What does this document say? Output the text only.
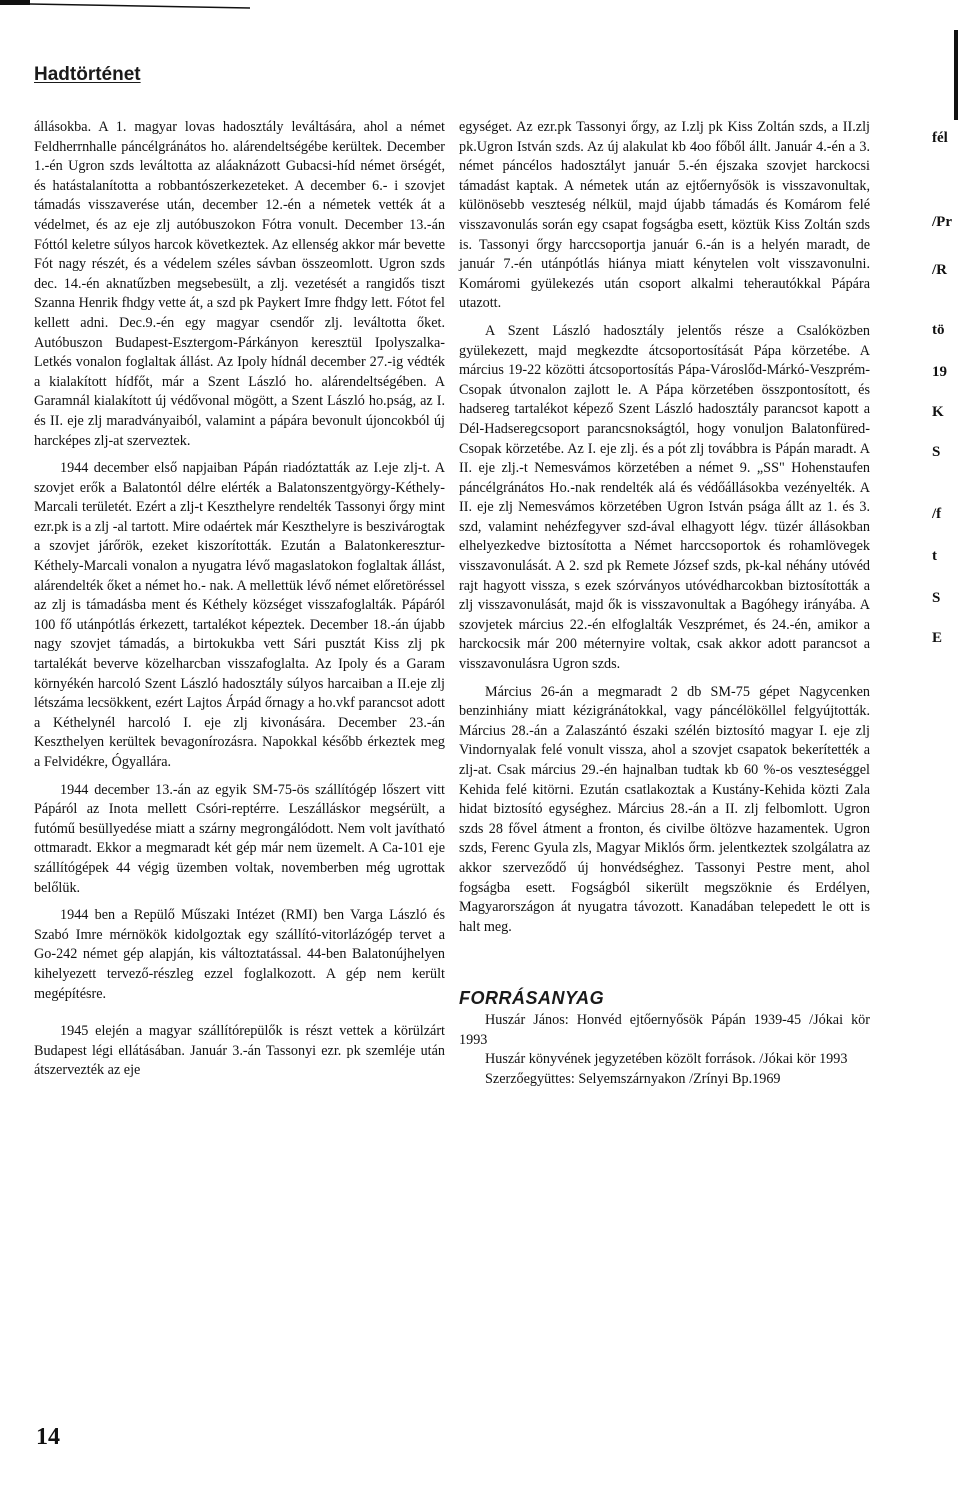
Hadtörténet

állásokba. A 1. magyar lovas hadosztály leváltására, ahol a német Feldherrnhalle páncélgránátos ho. alárendeltségébe kerültek. December 1.-én Ugron szds leváltotta az aláaknázott Gubacsi-híd német örségét, és hatástalanította a robbantószerkezeteket. A december 6.- i szovjet támadás visszaverése után, december 12.-én a németek vették át a védelmet, és az eje zlj autóbuszokon Fótra vonult. December 13.-án Fóttól keletre súlyos harcok következtek. Az ellenség akkor már bevette Fót nagy részét, és a védelem széles sávban összeomlott. Ugron szds dec. 14.-én aknatűzben megsebesült, a zlj. vezetését a rangidős tiszt Szanna Henrik fhdgy vette át, a szd pk Paykert Imre fhdgy lett. Fótot fel kellett adni. Dec.9.-én egy magyar csendőr zlj. leváltotta őket. Autóbuszon Budapest-Esztergom-Párkányon keresztül Ipolyszalka-Letkés vonalon foglaltak állást. Az Ipoly hídnál december 27.-ig védték a kialakított hídfőt, már a Szent László ho. alárendeltségében. A Garamnál kialakított új védővonal mögött, a Szent László ho.pság, az I. és II. eje zlj maradványaiból, valamint a pápára bevonult újoncokból új harcképes zlj-at szerveztek.

1944 december első napjaiban Pápán riadóztatták az I.eje zlj-t. A szovjet erők a Balatontól délre elérték a Balatonszentgyörgy-Kéthely-Marcali területét. Ezért a zlj-t Keszthelyre rendelték Tassonyi őrgy mint ezr.pk is a zlj -al tartott. Mire odaértek már Keszthelyre is beszivárogtak a szovjet járőrök, ezeket kiszorították. Ezután a Balatonkeresztur-Kéthely-Marcali vonalon a nyugatra lévő magaslatokon foglaltak állást, alárendelték őket a német ho.- nak. A mellettük lévő német előretöréssel az zlj is támadásba ment és Kéthely községet visszafoglalták. Pápáról 100 fő utánpótlás érkezett, tartalékot képeztek. December 18.-án újabb nagy szovjet támadás, a birtokukba vett Sári pusztát Kiss zlj pk tartalékát beverve közelharcban visszafoglalta. Az Ipoly és a Garam környékén harcoló Szent László hadosztály súlyos harcaiban a II.eje zlj létszáma lecsökkent, ezért Lajtos Árpád őrnagy a ho.vkf parancsot adott a Kéthelynél harcoló I. eje zlj kivonására. December 23.-án Keszthelyen kerültek bevagonírozásra. Napokkal később érkeztek meg a Felvidékre, Ógyallára.

1944 december 13.-án az egyik SM-75-ös szállítógép lőszert vitt Pápáról az Inota mellett Csóri-reptérre. Leszálláskor megsérült, a futómű besüllyedése miatt a szárny megrongálódott. Nem volt javítható ottmaradt. Ekkor a megmaradt két gép már nem üzemelt. A Ca-101 eje szállítógépek 44 végig üzemben voltak, novemberben még ugrottak belőlük.

1944 ben a Repülő Műszaki Intézet (RMI) ben Varga László és Szabó Imre mérnökök kidolgoztak egy szállító-vitorlázógép tervet a Go-242 német gép alapján, kis változtatással. 44-ben Balatonújhelyen kihelyezett tervező-részleg ezzel foglalkozott. A gép nem került megépítésre.

1945 elején a magyar szállítórepülők is részt vettek a körülzárt Budapest légi ellátásában. Január 3.-án Tassonyi ezr. pk szemléje után átszervezték az eje

egységet. Az ezr.pk Tassonyi őrgy, az I.zlj pk Kiss Zoltán szds, a II.zlj pk.Ugron István szds. Az új alakulat kb 4oo főből állt. Január 4.-én a 3. német páncélos hadosztályt január 5.-én éjszaka szovjet harckocsi támadást kaptak. A németek után az ejtőernyősök is visszavonultak, különösebb veszteség nélkül, majd újabb támadás és Komárom felé visszavonulás során egy csapat fogságba esett, köztük Kiss Zoltán szds is. Tassonyi őrgy harccsoportja január 6.-án is a helyén maradt, de január 7.-én utánpótlás hiánya miatt kénytelen volt visszavonulni. Komáromi gyülekezés után csoport alkalmi teherautókkal Pápára utazott.

A Szent László hadosztály jelentős része a Csalóközben gyülekezett, majd megkezdte átcsoportosítását Pápa körzetébe. A március 19-22 közötti átcsoportosítás Pápa-Városlőd-Márkó-Veszprém-Csopak útvonalon zajlott le. A Pápa körzetében összpontosított, és hadsereg tartalékot képező Szent László hadosztály parancsot kapott a Dél-Hadseregcsoport parancsnokságtól, hogy vonuljon Balatonfüred-Csopak körzetébe. Az I. eje zlj. és a pót zlj továbbra is Pápán maradt. A II. eje zlj.-t Nemesvámos körzetében a német 9. „SS" Hohenstaufen páncélgránátos Ho.-nak rendelték alá és védőállásokba vezényelték. A II. eje zlj Nemesvámos körzetében Ugron István psága állt az 1. és 3. szd, valamint nehézfegyver szd-ával elhagyott légv. tüzér állásokban elhelyezkedve biztosította a Német harccsoportok és rohamlövegek visszavonulását. A 2. szd pk Remete József szds, pk-kal néhány utóvéd rajt hagyott vissza, s ezek szórványos utóvédharcokban biztosították a zlj visszavonulását, majd ők is visszavonultak a Bagóhegy irányába. A szovjetek március 22.-én elfoglalták Veszprémet, és 24.-én, amikor a harckocsik már 200 méternyire voltak, csak akkor adott parancsot a visszavonulásra Ugron szds.

Március 26-án a megmaradt 2 db SM-75 gépet Nagycenken benzinhiány miatt kézigránátokkal, vagy páncélököllel felgyújtották. Március 28.-án a Zalaszántó északi szélén biztosító magyar I. eje zlj Vindornyalak felé vonult vissza, ahol a szovjet csapatok bekerítették a zlj-at. Csak március 29.-én hajnalban tudtak kb 60 %-os veszteséggel Kehida felé kitörni. Ezután csatlakoztak a Kustány-Kehida közti Zala hidat biztosító egységhez. Március 28.-án a II. zlj felbomlott. Ugron szds 28 fővel átment a fronton, és civilbe öltözve hazamentek. Ugron szds, Ferenc Gyula zls, Magyar Miklós őrm. jelentkeztek szolgálatra az akkor szerveződő új honvédséghez. Tassonyi Pestre ment, ahol fogságba esett. Fogságból sikerült megszöknie és Erdélyen, Magyarországon át nyugatra távozott. Kanadában telepedett le ott is halt meg.

FORRÁSANYAG

Huszár János: Honvéd ejtőernyősök Pápán 1939-45 /Jókai kör 1993

Huszár könyvének jegyzetében közölt források. /Jókai kör 1993

Szerzőegyüttes: Selyemszárnyakon /Zrínyi Bp.1969

fél
/Pr
/R
tö
19
K
S
/f
t
S
E
14
